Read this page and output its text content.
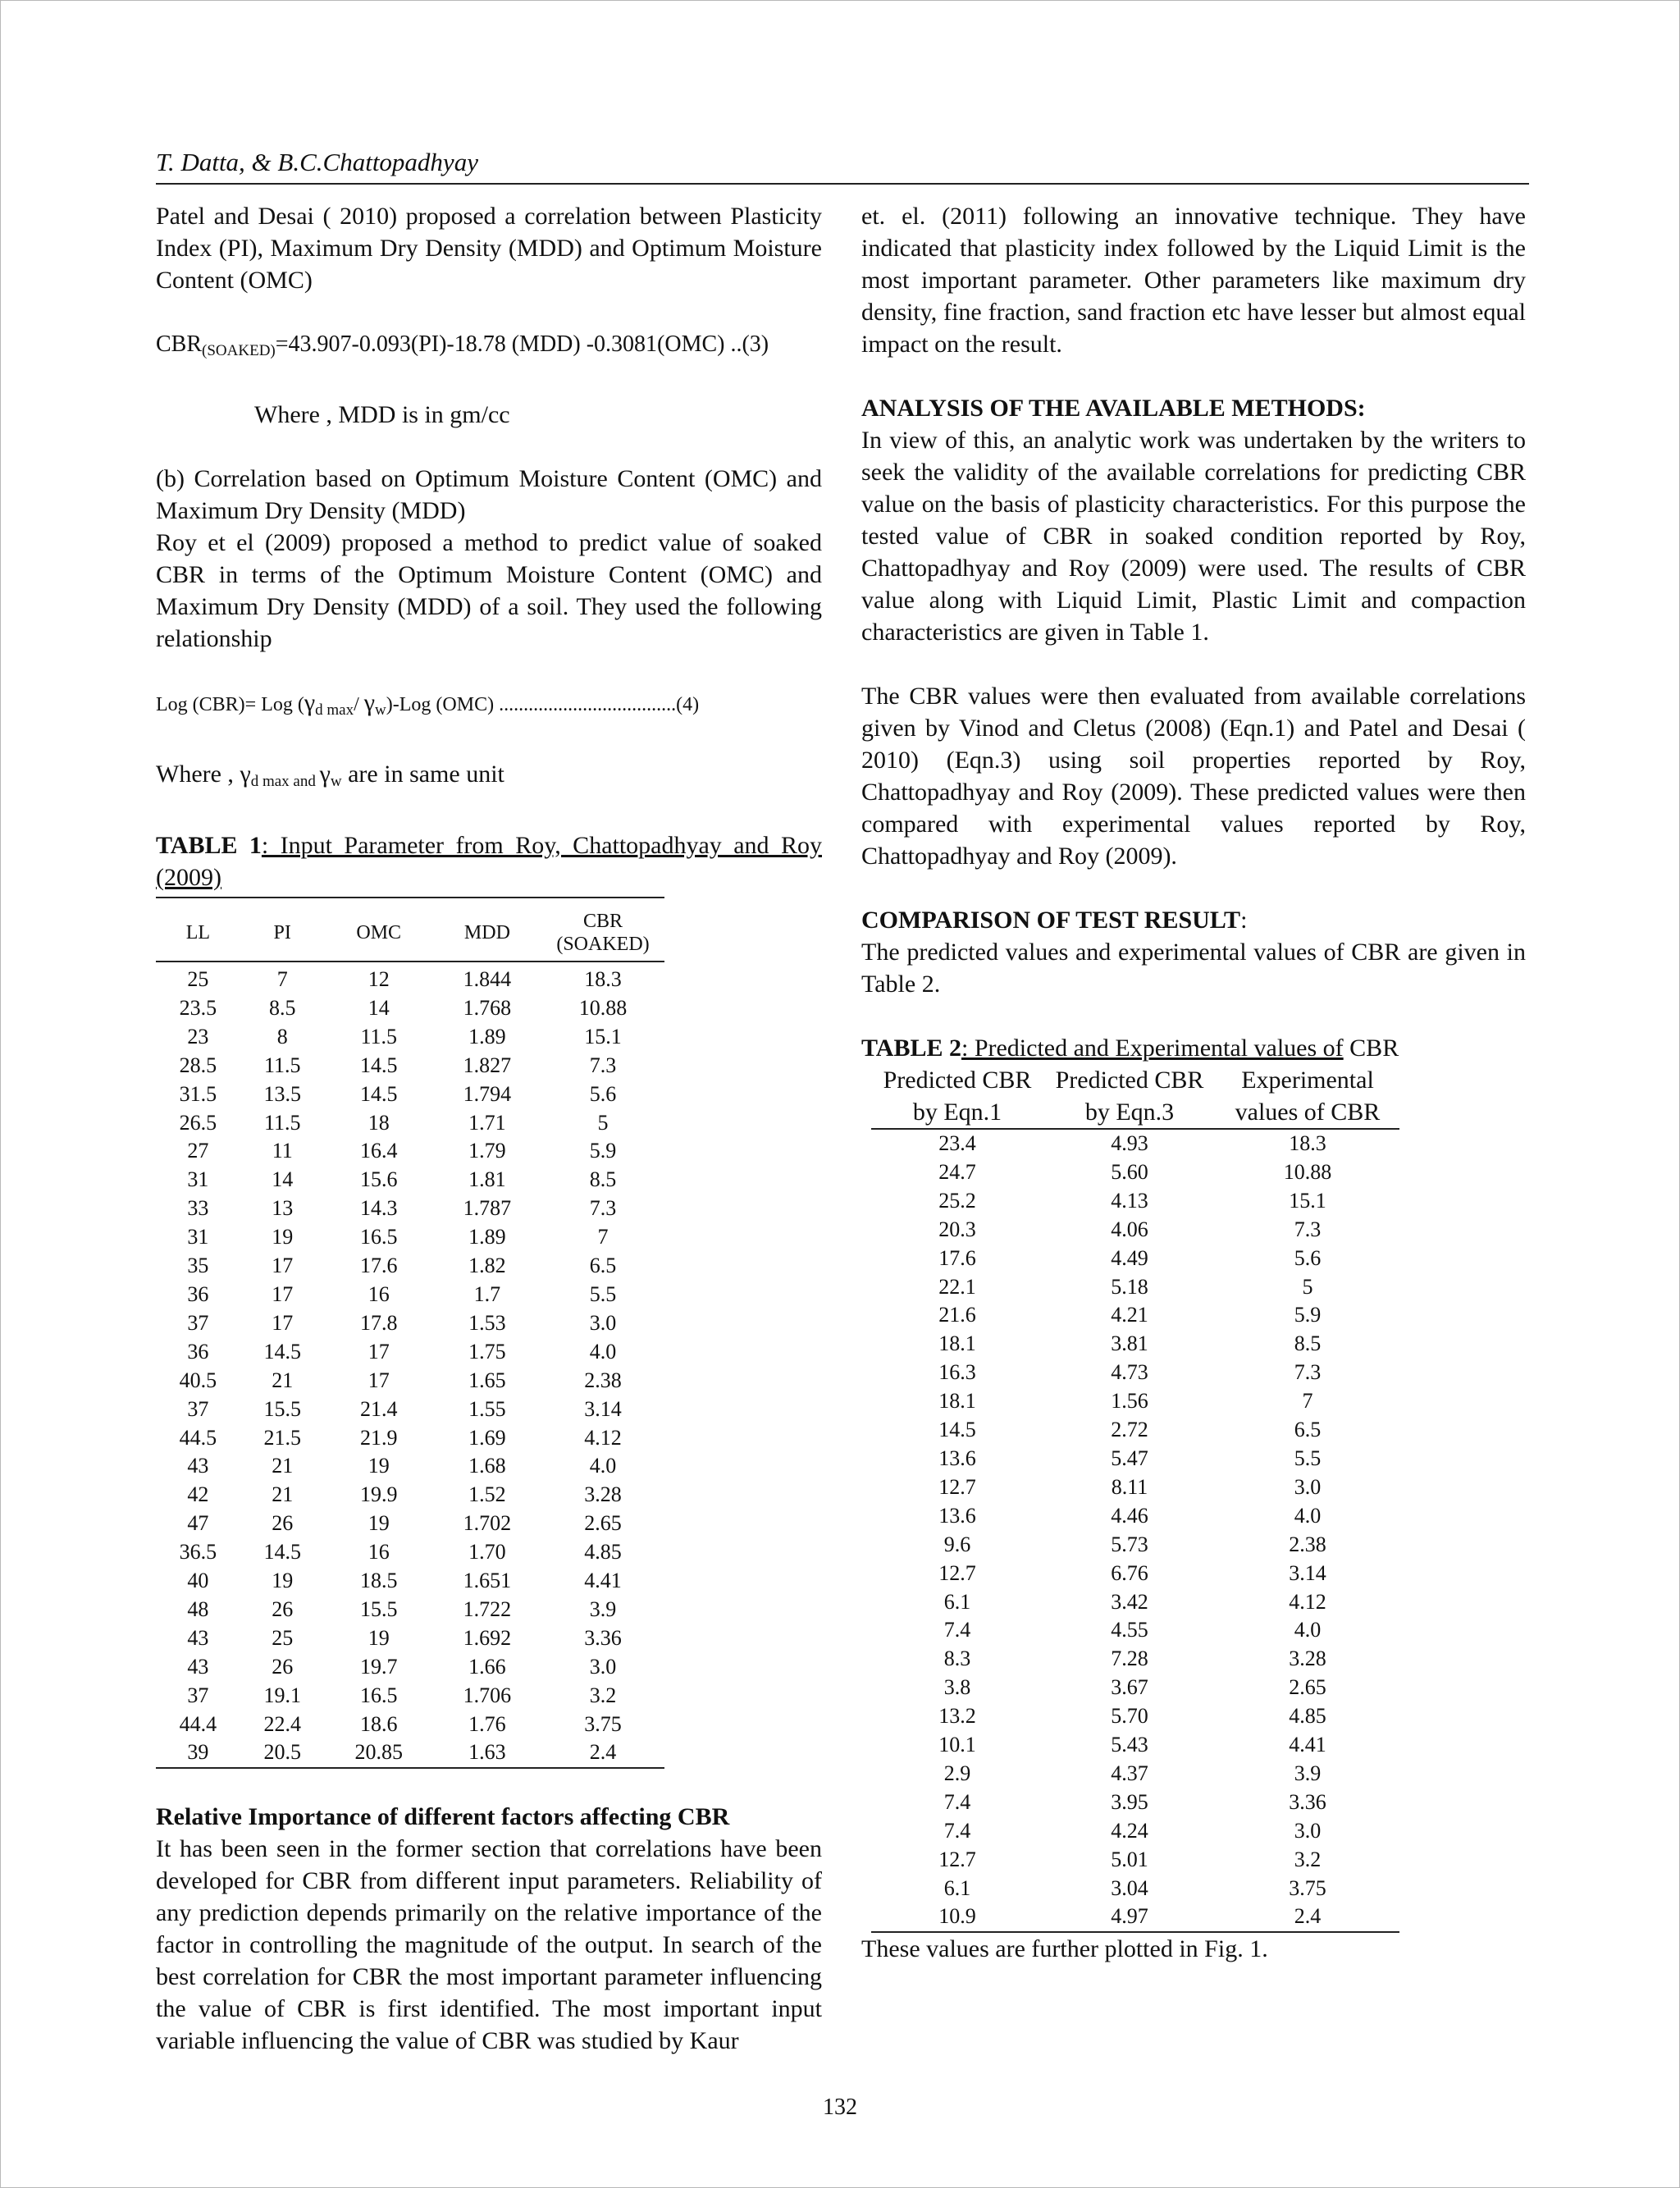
T. Datta, & B.C.Chattopadhyay

Patel and Desai ( 2010) proposed a correlation between Plasticity Index (PI), Maximum Dry Density (MDD) and Optimum Moisture Content (OMC)

$CBR_{(SOAKED)}=43.907-0.093(PI)-18.78$ (MDD) -0.3081(OMC) ..(3)

Where , MDD is in gm/cc

(b) Correlation based on Optimum Moisture Content (OMC) and Maximum Dry Density (MDD)

Roy et el (2009) proposed a method to predict value of soaked CBR in terms of the Optimum Moisture Content (OMC) and Maximum Dry Density (MDD) of a soil. They used the following relationship

Log (CBR)= Log ($\gamma_{d max}/$ $\gamma_w$)-Log (OMC) ....................................(4)

Where , $\gamma_{d max}$ $_{and}$ $\gamma_w$ are in same unit

TABLE 1: Input Parameter from Roy, Chattopadhyay and Roy (2009)

LL	PI	OMC	MDD	CBR (SOAKED)
25	7	12	1.844	18.3
23.5	8.5	14	1.768	10.88
23	8	11.5	1.89	15.1
28.5	11.5	14.5	1.827	7.3
31.5	13.5	14.5	1.794	5.6
26.5	11.5	18	1.71	5
27	11	16.4	1.79	5.9
31	14	15.6	1.81	8.5
33	13	14.3	1.787	7.3
31	19	16.5	1.89	7
35	17	17.6	1.82	6.5
36	17	16	1.7	5.5
37	17	17.8	1.53	3.0
36	14.5	17	1.75	4.0
40.5	21	17	1.65	2.38
37	15.5	21.4	1.55	3.14
44.5	21.5	21.9	1.69	4.12
43	21	19	1.68	4.0
42	21	19.9	1.52	3.28
47	26	19	1.702	2.65
36.5	14.5	16	1.70	4.85
40	19	18.5	1.651	4.41
48	26	15.5	1.722	3.9
43	25	19	1.692	3.36
43	26	19.7	1.66	3.0
37	19.1	16.5	1.706	3.2
44.4	22.4	18.6	1.76	3.75
39	20.5	20.85	1.63	2.4

Relative Importance of different factors affecting CBR

It has been seen in the former section that correlations have been developed for CBR from different input parameters. Reliability of any prediction depends primarily on the relative importance of the factor in controlling the magnitude of the output. In search of the best correlation for CBR the most important parameter influencing the value of CBR is first identified. The most important input variable influencing the value of CBR was studied by Kaur

et. el. (2011) following an innovative technique. They have indicated that plasticity index followed by the Liquid Limit is the most important parameter. Other parameters like maximum dry density, fine fraction, sand fraction etc have lesser but almost equal impact on the result.

ANALYSIS OF THE AVAILABLE METHODS:

In view of this, an analytic work was undertaken by the writers to seek the validity of the available correlations for predicting CBR value on the basis of plasticity characteristics. For this purpose the tested value of CBR in soaked condition reported by Roy, Chattopadhyay and Roy (2009) were used. The results of CBR value along with Liquid Limit, Plastic Limit and compaction characteristics are given in Table 1.

The CBR values were then evaluated from available correlations given by Vinod and Cletus (2008) (Eqn.1) and Patel and Desai ( 2010) (Eqn.3) using soil properties reported by Roy, Chattopadhyay and Roy (2009). These predicted values were then compared with experimental values reported by Roy, Chattopadhyay and Roy (2009).

COMPARISON OF TEST RESULT:

The predicted values and experimental values of CBR are given in Table 2.

TABLE 2: Predicted and Experimental values of CBR

Predicted CBR by Eqn.1	Predicted CBR by Eqn.3	Experimental values of CBR
23.4	4.93	18.3
24.7	5.60	10.88
25.2	4.13	15.1
20.3	4.06	7.3
17.6	4.49	5.6
22.1	5.18	5
21.6	4.21	5.9
18.1	3.81	8.5
16.3	4.73	7.3
18.1	1.56	7
14.5	2.72	6.5
13.6	5.47	5.5
12.7	8.11	3.0
13.6	4.46	4.0
9.6	5.73	2.38
12.7	6.76	3.14
6.1	3.42	4.12
7.4	4.55	4.0
8.3	7.28	3.28
3.8	3.67	2.65
13.2	5.70	4.85
10.1	5.43	4.41
2.9	4.37	3.9
7.4	3.95	3.36
7.4	4.24	3.0
12.7	5.01	3.2
6.1	3.04	3.75
10.9	4.97	2.4

These values are further plotted in Fig. 1.

132
